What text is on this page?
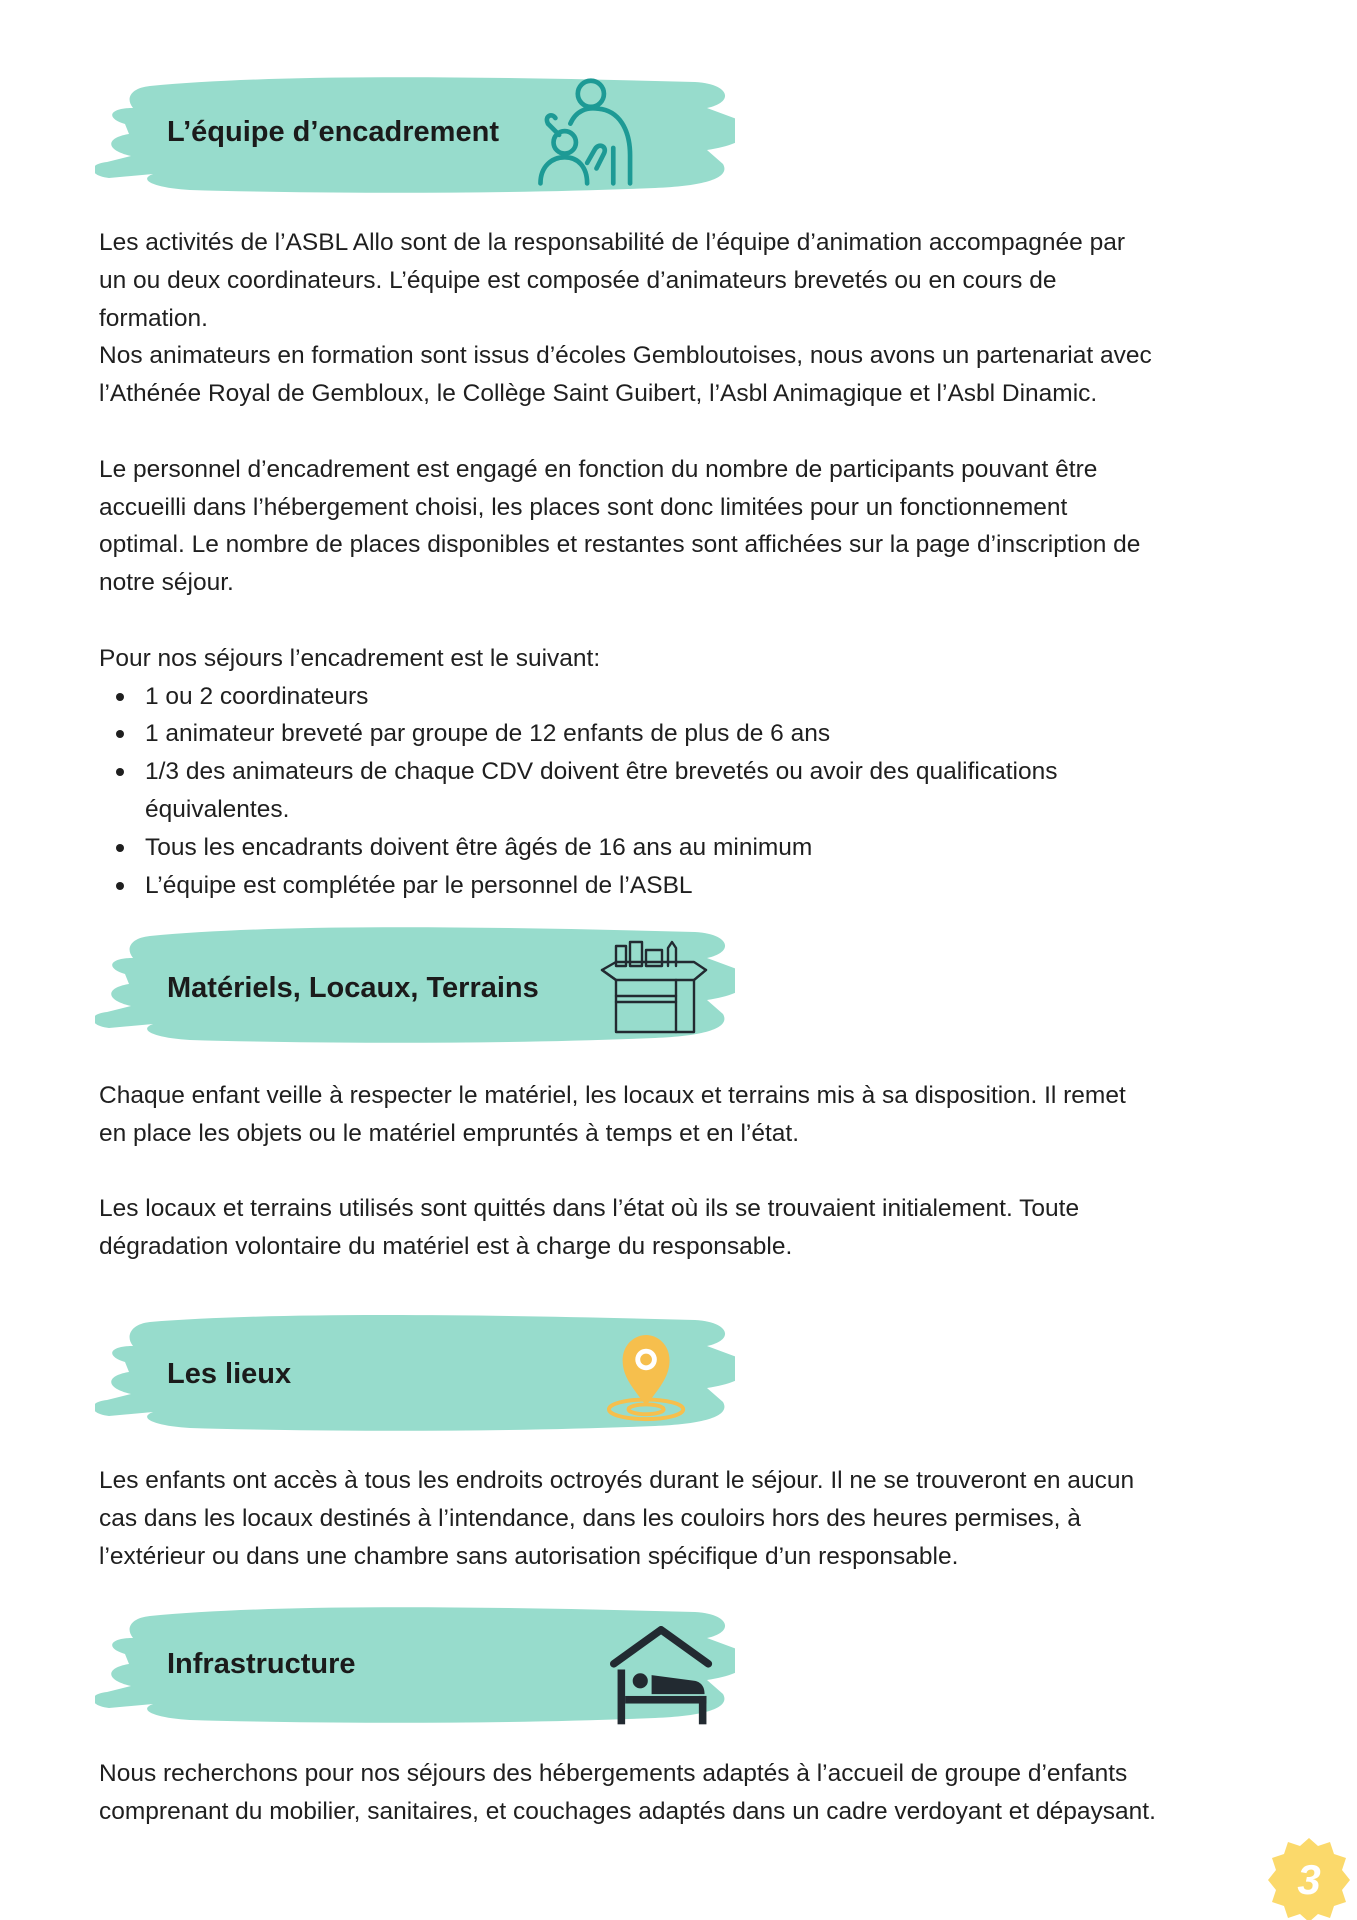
L’équipe d’encadrement

Les activités de l’ASBL Allo sont de la responsabilité de l’équipe d’animation accompagnée par

un ou deux coordinateurs. L’équipe est composée d’animateurs brevetés ou en cours de

formation.

Nos animateurs en formation sont issus d’écoles Gembloutoises, nous avons un partenariat avec

l’Athénée Royal de Gembloux, le Collège Saint Guibert, l’Asbl Animagique et l’Asbl Dinamic.

Le personnel d’encadrement est engagé en fonction du nombre de participants pouvant être

accueilli dans l’hébergement choisi, les places sont donc limitées pour un fonctionnement

optimal. Le nombre de places disponibles et restantes sont affichées sur la page d’inscription de

notre séjour.

Pour nos séjours l’encadrement est le suivant:

1 ou 2 coordinateurs
1 animateur breveté par groupe de 12 enfants de plus de 6 ans
1/3 des animateurs de chaque CDV doivent être brevetés ou avoir des qualifications
équivalentes.
Tous les encadrants doivent être âgés de 16 ans au minimum
L’équipe est complétée par le personnel de l’ASBL
Matériels, Locaux, Terrains

Chaque enfant veille à respecter le matériel, les locaux et terrains mis à sa disposition. Il remet

en place les objets ou le matériel empruntés à temps et en l’état.

Les locaux et terrains utilisés sont quittés dans l’état où ils se trouvaient initialement. Toute

dégradation volontaire du matériel est à charge du responsable.

Les lieux

Les enfants ont accès à tous les endroits octroyés durant le séjour. Il ne se trouveront en aucun

cas dans les locaux destinés à l’intendance, dans les couloirs hors des heures permises, à

l’extérieur ou dans une chambre sans autorisation spécifique d’un responsable.

Infrastructure

Nous recherchons pour nos séjours des hébergements adaptés à l’accueil de groupe d’enfants

comprenant du mobilier, sanitaires, et couchages adaptés dans un cadre verdoyant et dépaysant.

3
